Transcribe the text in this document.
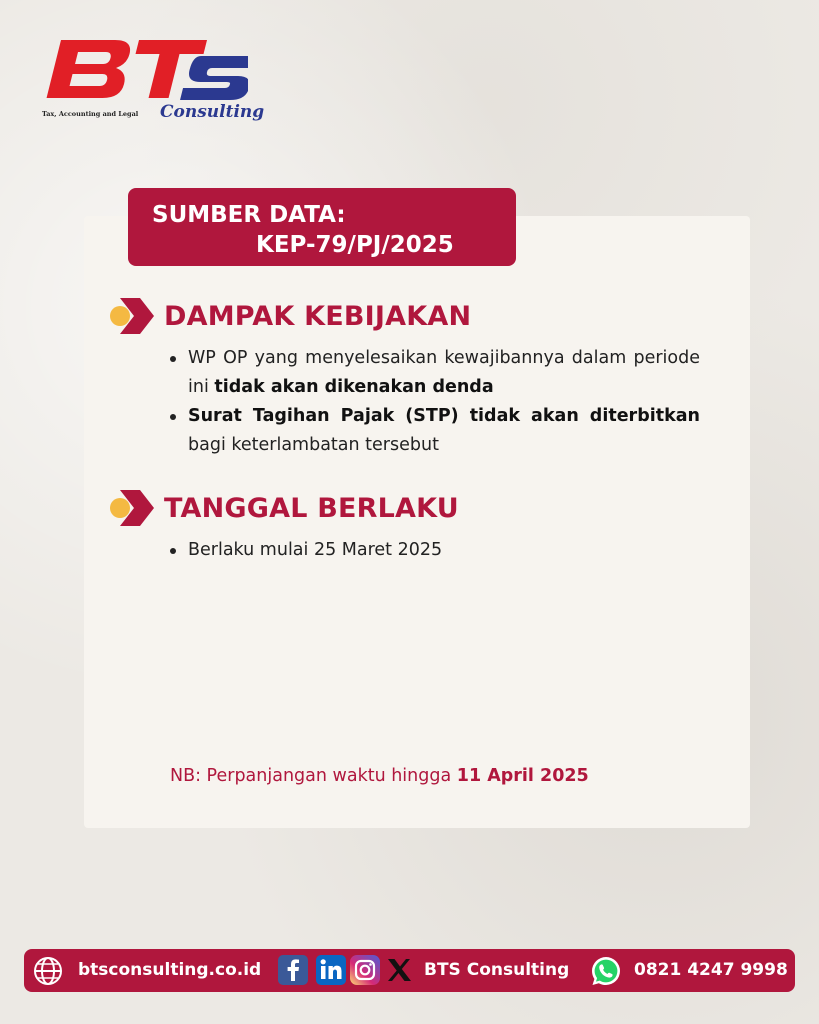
Tax, Accounting and Legal Consulting
SUMBER DATA:
KEP-79/PJ/2025
DAMPAK KEBIJAKAN
WP OP yang menyelesaikan kewajibannya dalam periode ini tidak akan dikenakan denda
Surat Tagihan Pajak (STP) tidak akan diterbitkan bagi keterlambatan tersebut
TANGGAL BERLAKU
Berlaku mulai 25 Maret 2025
NB: Perpanjangan waktu hingga 11 April 2025
btsconsulting.co.id	BTS Consulting	0821 4247 9998
